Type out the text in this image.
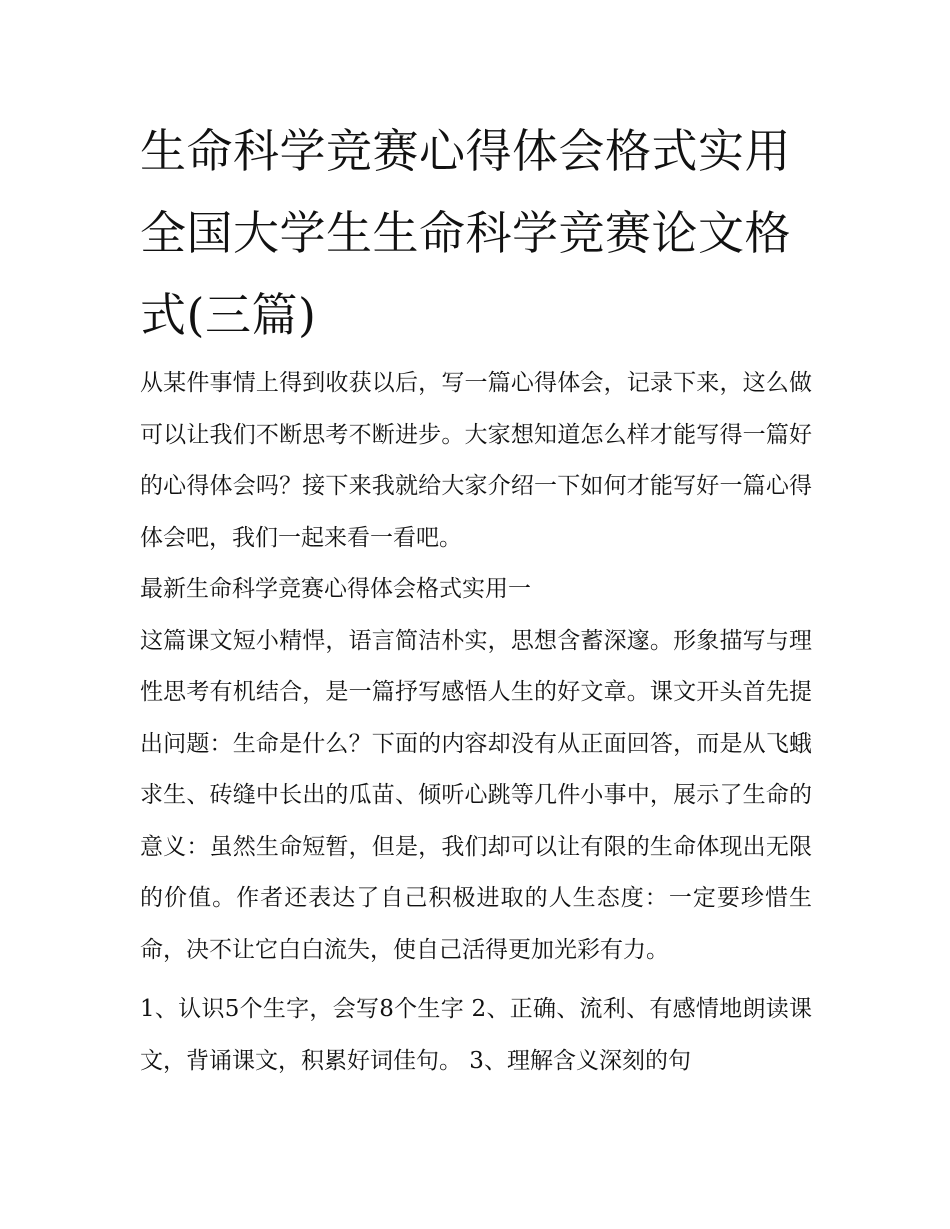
生命科学竞赛心得体会格式实用 全国大学生生命科学竞赛论文格式(三篇)

从某件事情上得到收获以后，写一篇心得体会，记录下来，这么做可以让我们不断思考不断进步。大家想知道怎么样才能写得一篇好的心得体会吗？接下来我就给大家介绍一下如何才能写好一篇心得体会吧，我们一起来看一看吧。

最新生命科学竞赛心得体会格式实用一

这篇课文短小精悍，语言简洁朴实，思想含蓄深邃。形象描写与理性思考有机结合，是一篇抒写感悟人生的好文章。课文开头首先提出问题：生命是什么？下面的内容却没有从正面回答，而是从飞蛾求生、砖缝中长出的瓜苗、倾听心跳等几件小事中，展示了生命的意义：虽然生命短暂，但是，我们却可以让有限的生命体现出无限的价值。作者还表达了自己积极进取的人生态度：一定要珍惜生命，决不让它白白流失，使自己活得更加光彩有力。

1、认识5个生字，会写8个生字 2、正确、流利、有感情地朗读课文，背诵课文，积累好词佳句。 3、理解含义深刻的句
